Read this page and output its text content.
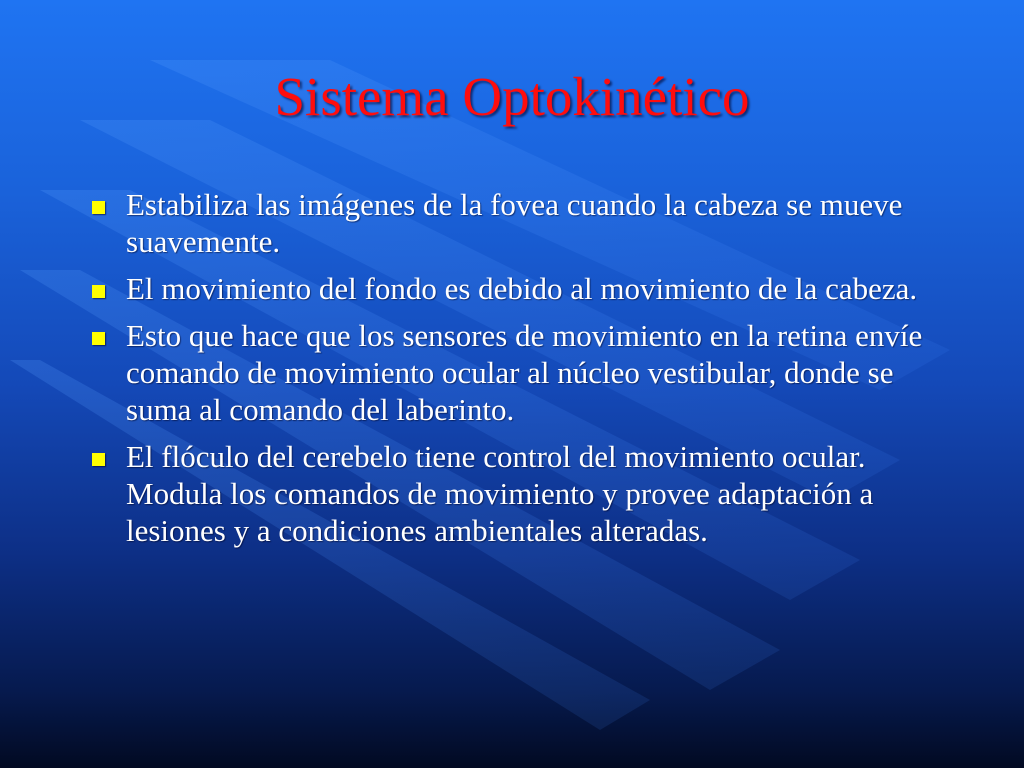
Sistema Optokinético
Estabiliza las imágenes de la fovea cuando la cabeza se mueve suavemente.
El movimiento del fondo es debido al movimiento de la cabeza.
Esto que hace que los sensores de movimiento en la retina envíe comando de movimiento ocular al núcleo vestibular, donde se suma al comando del laberinto.
El flóculo del cerebelo tiene control del movimiento ocular. Modula los comandos de movimiento y provee adaptación a lesiones y a condiciones ambientales alteradas.
